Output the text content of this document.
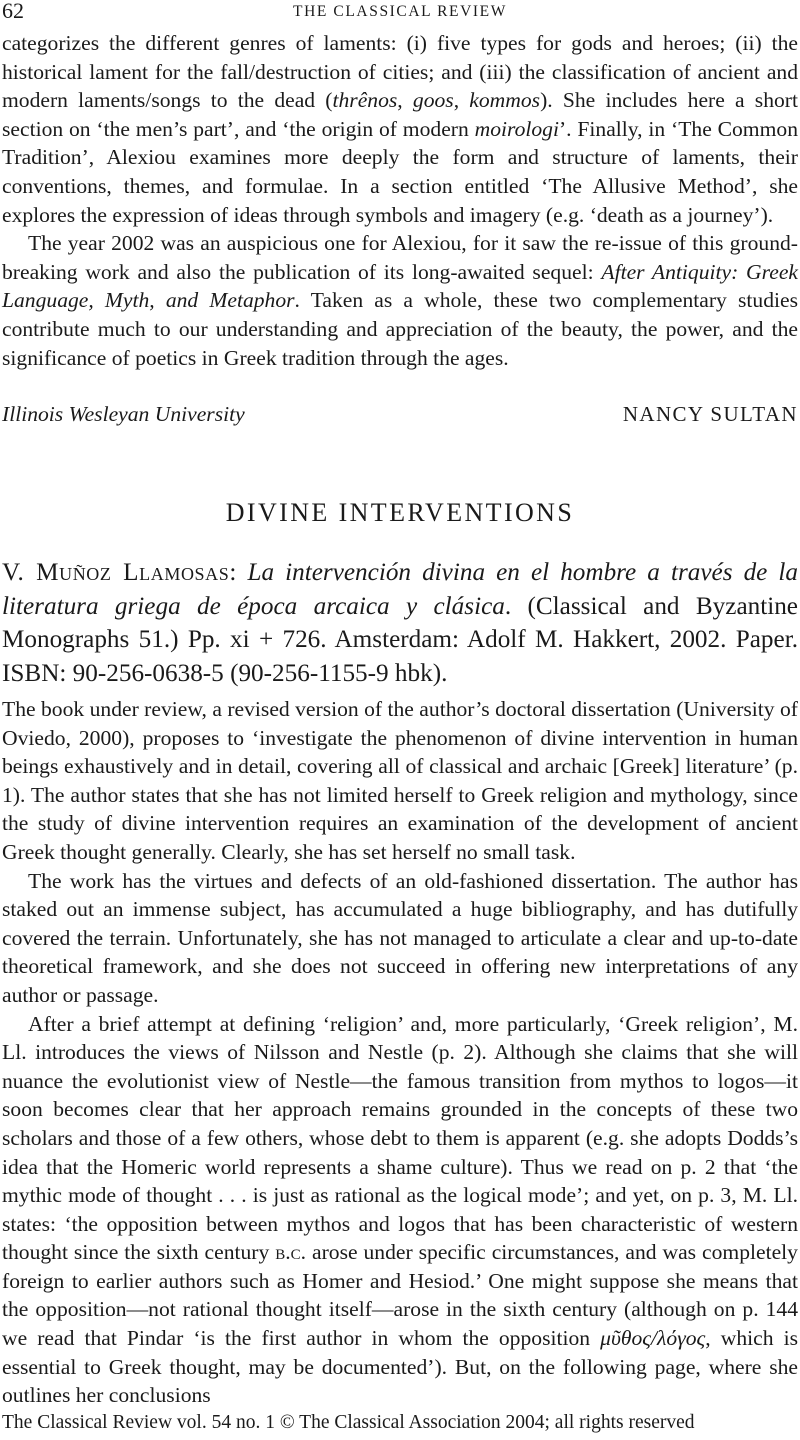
62	THE CLASSICAL REVIEW

categorizes the different genres of laments: (i) five types for gods and heroes; (ii) the historical lament for the fall/destruction of cities; and (iii) the classification of ancient and modern laments/songs to the dead (thrênos, goos, kommos). She includes here a short section on ‘the men’s part’, and ‘the origin of modern moirologi’. Finally, in ‘The Common Tradition’, Alexiou examines more deeply the form and structure of laments, their conventions, themes, and formulae. In a section entitled ‘The Allusive Method’, she explores the expression of ideas through symbols and imagery (e.g. ‘death as a journey’).

The year 2002 was an auspicious one for Alexiou, for it saw the re-issue of this ground-breaking work and also the publication of its long-awaited sequel: After Antiquity: Greek Language, Myth, and Metaphor. Taken as a whole, these two complementary studies contribute much to our understanding and appreciation of the beauty, the power, and the significance of poetics in Greek tradition through the ages.

Illinois Wesleyan University	NANCY SULTAN
DIVINE INTERVENTIONS

V. Muñoz Llamosas: La intervención divina en el hombre a través de la literatura griega de época arcaica y clásica. (Classical and Byzantine Monographs 51.) Pp. xi + 726. Amsterdam: Adolf M. Hakkert, 2002. Paper. ISBN: 90-256-0638-5 (90-256-1155-9 hbk).

The book under review, a revised version of the author’s doctoral dissertation (University of Oviedo, 2000), proposes to ‘investigate the phenomenon of divine intervention in human beings exhaustively and in detail, covering all of classical and archaic [Greek] literature’ (p. 1). The author states that she has not limited herself to Greek religion and mythology, since the study of divine intervention requires an examination of the development of ancient Greek thought generally. Clearly, she has set herself no small task.

The work has the virtues and defects of an old-fashioned dissertation. The author has staked out an immense subject, has accumulated a huge bibliography, and has dutifully covered the terrain. Unfortunately, she has not managed to articulate a clear and up-to-date theoretical framework, and she does not succeed in offering new interpretations of any author or passage.

After a brief attempt at defining ‘religion’ and, more particularly, ‘Greek religion’, M. Ll. introduces the views of Nilsson and Nestle (p. 2). Although she claims that she will nuance the evolutionist view of Nestle—the famous transition from mythos to logos—it soon becomes clear that her approach remains grounded in the concepts of these two scholars and those of a few others, whose debt to them is apparent (e.g. she adopts Dodds’s idea that the Homeric world represents a shame culture). Thus we read on p. 2 that ‘the mythic mode of thought . . . is just as rational as the logical mode’; and yet, on p. 3, M. Ll. states: ‘the opposition between mythos and logos that has been characteristic of western thought since the sixth century b.c. arose under specific circumstances, and was completely foreign to earlier authors such as Homer and Hesiod.’ One might suppose she means that the opposition—not rational thought itself—arose in the sixth century (although on p. 144 we read that Pindar ‘is the first author in whom the opposition μῦθος/λόγος, which is essential to Greek thought, may be documented’). But, on the following page, where she outlines her conclusions

The Classical Review vol. 54 no. 1 © The Classical Association 2004; all rights reserved
